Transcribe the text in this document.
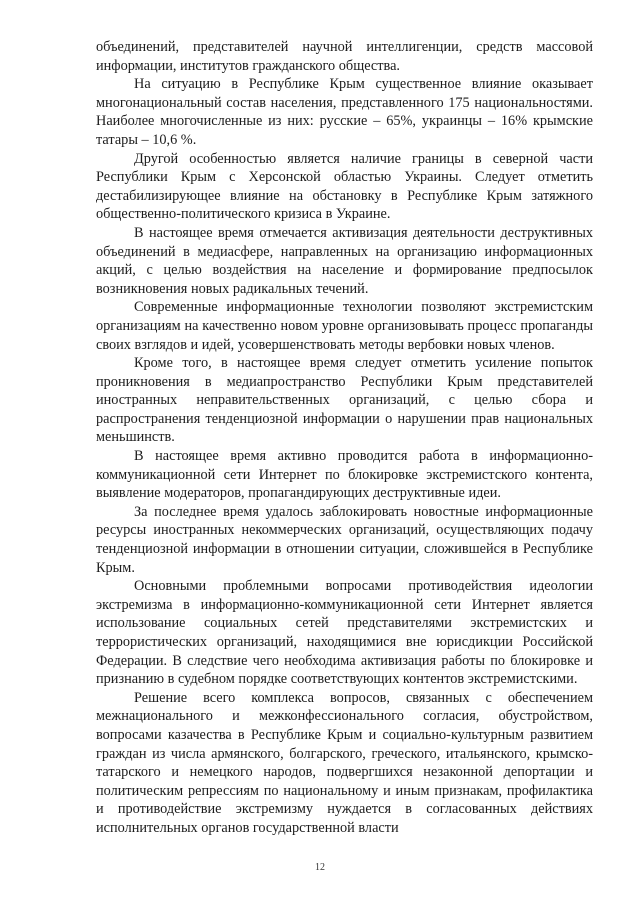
объединений, представителей научной интеллигенции, средств массовой информации, институтов гражданского общества.

На ситуацию в Республике Крым существенное влияние оказывает многонациональный состав населения, представленного 175 национальностями. Наиболее многочисленные из них: русские – 65%, украинцы – 16% крымские татары – 10,6 %.

Другой особенностью является наличие границы в северной части Республики Крым с Херсонской областью Украины. Следует отметить дестабилизирующее влияние на обстановку в Республике Крым затяжного общественно-политического кризиса в Украине.

В настоящее время отмечается активизация деятельности деструктивных объединений в медиасфере, направленных на организацию информационных акций, с целью воздействия на население и формирование предпосылок возникновения новых радикальных течений.

Современные информационные технологии позволяют экстремистским организациям на качественно новом уровне организовывать процесс пропаганды своих взглядов и идей, усовершенствовать методы вербовки новых членов.

Кроме того, в настоящее время следует отметить усиление попыток проникновения в медиапространство Республики Крым представителей иностранных неправительственных организаций, с целью сбора и распространения тенденциозной информации о нарушении прав национальных меньшинств.

В настоящее время активно проводится работа в информационно-коммуникационной сети Интернет по блокировке экстремистского контента, выявление модераторов, пропагандирующих деструктивные идеи.

За последнее время удалось заблокировать новостные информационные ресурсы иностранных некоммерческих организаций, осуществляющих подачу тенденциозной информации в отношении ситуации, сложившейся в Республике Крым.

Основными проблемными вопросами противодействия идеологии экстремизма в информационно-коммуникационной сети Интернет является использование социальных сетей представителями экстремистских и террористических организаций, находящимися вне юрисдикции Российской Федерации. В следствие чего необходима активизация работы по блокировке и признанию в судебном порядке соответствующих контентов экстремистскими.

Решение всего комплекса вопросов, связанных с обеспечением межнационального и межконфессионального согласия, обустройством, вопросами казачества в Республике Крым и социально-культурным развитием граждан из числа армянского, болгарского, греческого, итальянского, крымско-татарского и немецкого народов, подвергшихся незаконной депортации и политическим репрессиям по национальному и иным признакам, профилактика и противодействие экстремизму нуждается в согласованных действиях исполнительных органов государственной власти

12
